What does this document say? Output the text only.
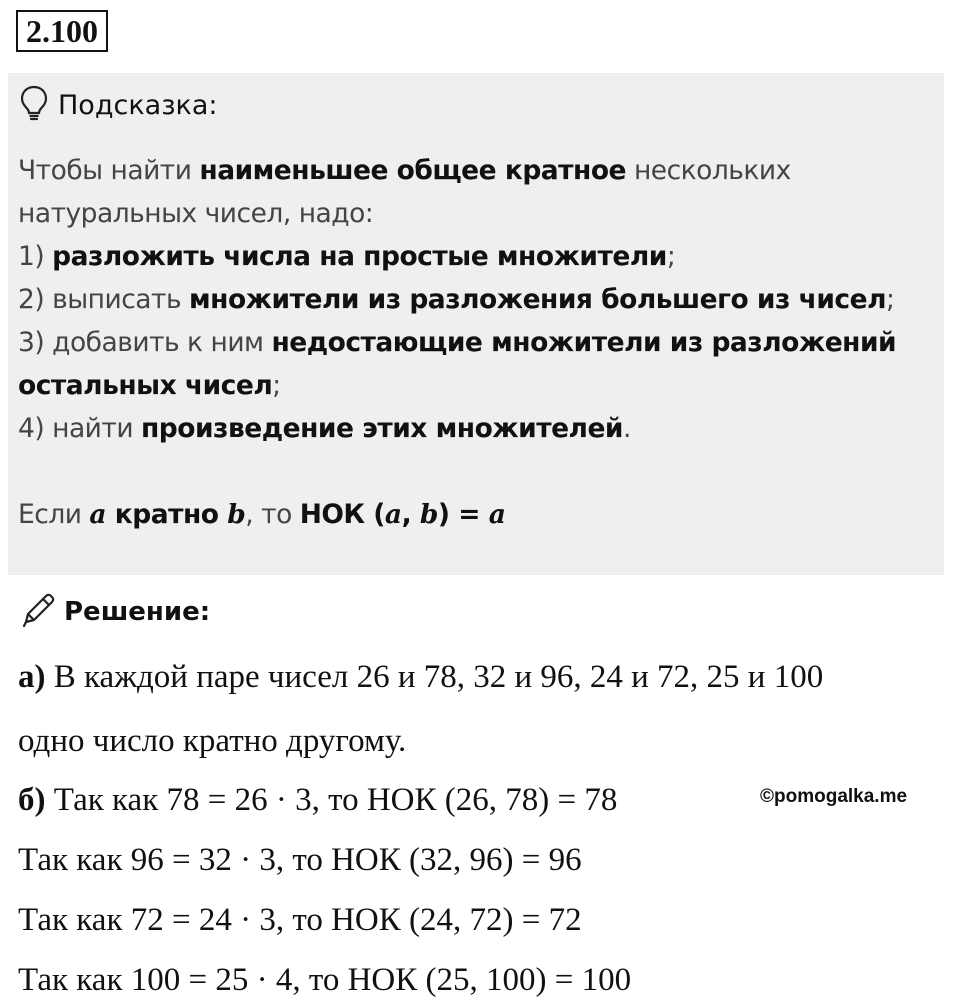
2.100
Подсказка:
Чтобы найти наименьшее общее кратное нескольких
натуральных чисел, надо:
1) разложить числа на простые множители;
2) выписать множители из разложения большего из чисел;
3) добавить к ним недостающие множители из разложений
остальных чисел;
4) найти произведение этих множителей.
Если a кратно b, то НОК (a, b) = a
Решение:
а) В каждой паре чисел 26 и 78, 32 и 96, 24 и 72, 25 и 100
одно число кратно другому.
б) Так как 78 = 26 · 3, то НОК (26, 78) = 78
Так как 96 = 32 · 3, то НОК (32, 96) = 96
Так как 72 = 24 · 3, то НОК (24, 72) = 72
Так как 100 = 25 · 4, то НОК (25, 100) = 100
©pomogalka.me
